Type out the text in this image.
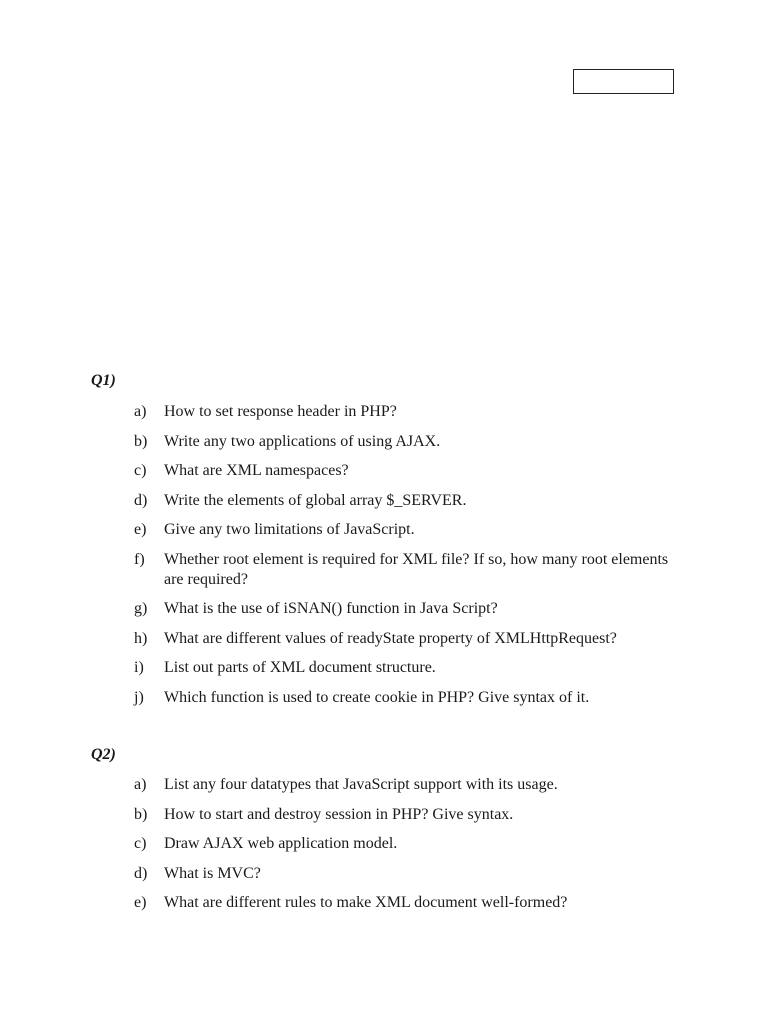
Q1)

a) How to set response header in PHP?
b) Write any two applications of using AJAX.
c) What are XML namespaces?
d) Write the elements of global array $_SERVER.
e) Give any two limitations of JavaScript.
f) Whether root element is required for XML file? If so, how many root elements are required?
g) What is the use of iSNAN() function in Java Script?
h) What are different values of readyState property of XMLHttpRequest?
i) List out parts of XML document structure.
j) Which function is used to create cookie in PHP? Give syntax of it.

Q2)

a) List any four datatypes that JavaScript support with its usage.
b) How to start and destroy session in PHP? Give syntax.
c) Draw AJAX web application model.
d) What is MVC?
e) What are different rules to make XML document well-formed?
